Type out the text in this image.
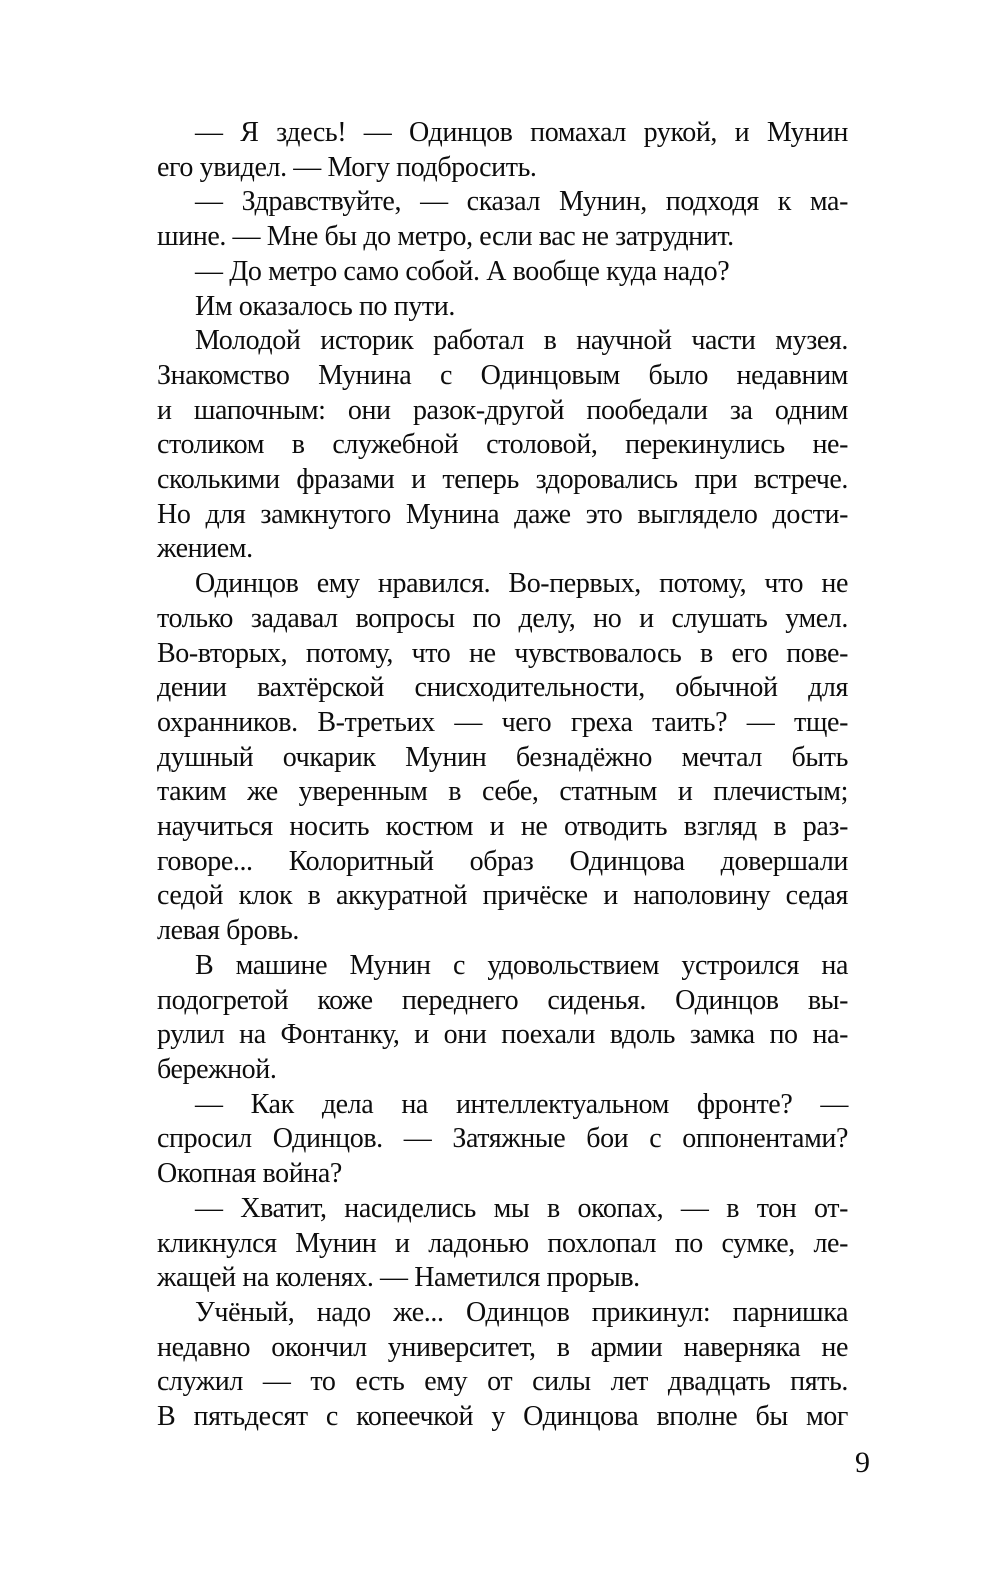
— Я здесь! — Одинцов помахал рукой, и Мунин
его увидел. — Могу подбросить.
— Здравствуйте, — сказал Мунин, подходя к ма-
шине. — Мне бы до метро, если вас не затруднит.
— До метро само собой. А вообще куда надо?
Им оказалось по пути.
Молодой историк работал в научной части музея.
Знакомство Мунина с Одинцовым было недавним
и шапочным: они разок-другой пообедали за одним
столиком в служебной столовой, перекинулись не-
сколькими фразами и теперь здоровались при встрече.
Но для замкнутого Мунина даже это выглядело дости-
жением.
Одинцов ему нравился. Во-первых, потому, что не
только задавал вопросы по делу, но и слушать умел.
Во-вторых, потому, что не чувствовалось в его пове-
дении вахтёрской снисходительности, обычной для
охранников. В-третьих — чего греха таить? — тще-
душный очкарик Мунин безнадёжно мечтал быть
таким же уверенным в себе, статным и плечистым;
научиться носить костюм и не отводить взгляд в раз-
говоре... Колоритный образ Одинцова довершали
седой клок в аккуратной причёске и наполовину седая
левая бровь.
В машине Мунин с удовольствием устроился на
подогретой коже переднего сиденья. Одинцов вы-
рулил на Фонтанку, и они поехали вдоль замка по на-
бережной.
— Как дела на интеллектуальном фронте? —
спросил Одинцов. — Затяжные бои с оппонентами?
Окопная война?
— Хватит, насиделись мы в окопах, — в тон от-
кликнулся Мунин и ладонью похлопал по сумке, ле-
жащей на коленях. — Наметился прорыв.
Учёный, надо же... Одинцов прикинул: парнишка
недавно окончил университет, в армии наверняка не
служил — то есть ему от силы лет двадцать пять.
В пятьдесят с копеечкой у Одинцова вполне бы мог
9
